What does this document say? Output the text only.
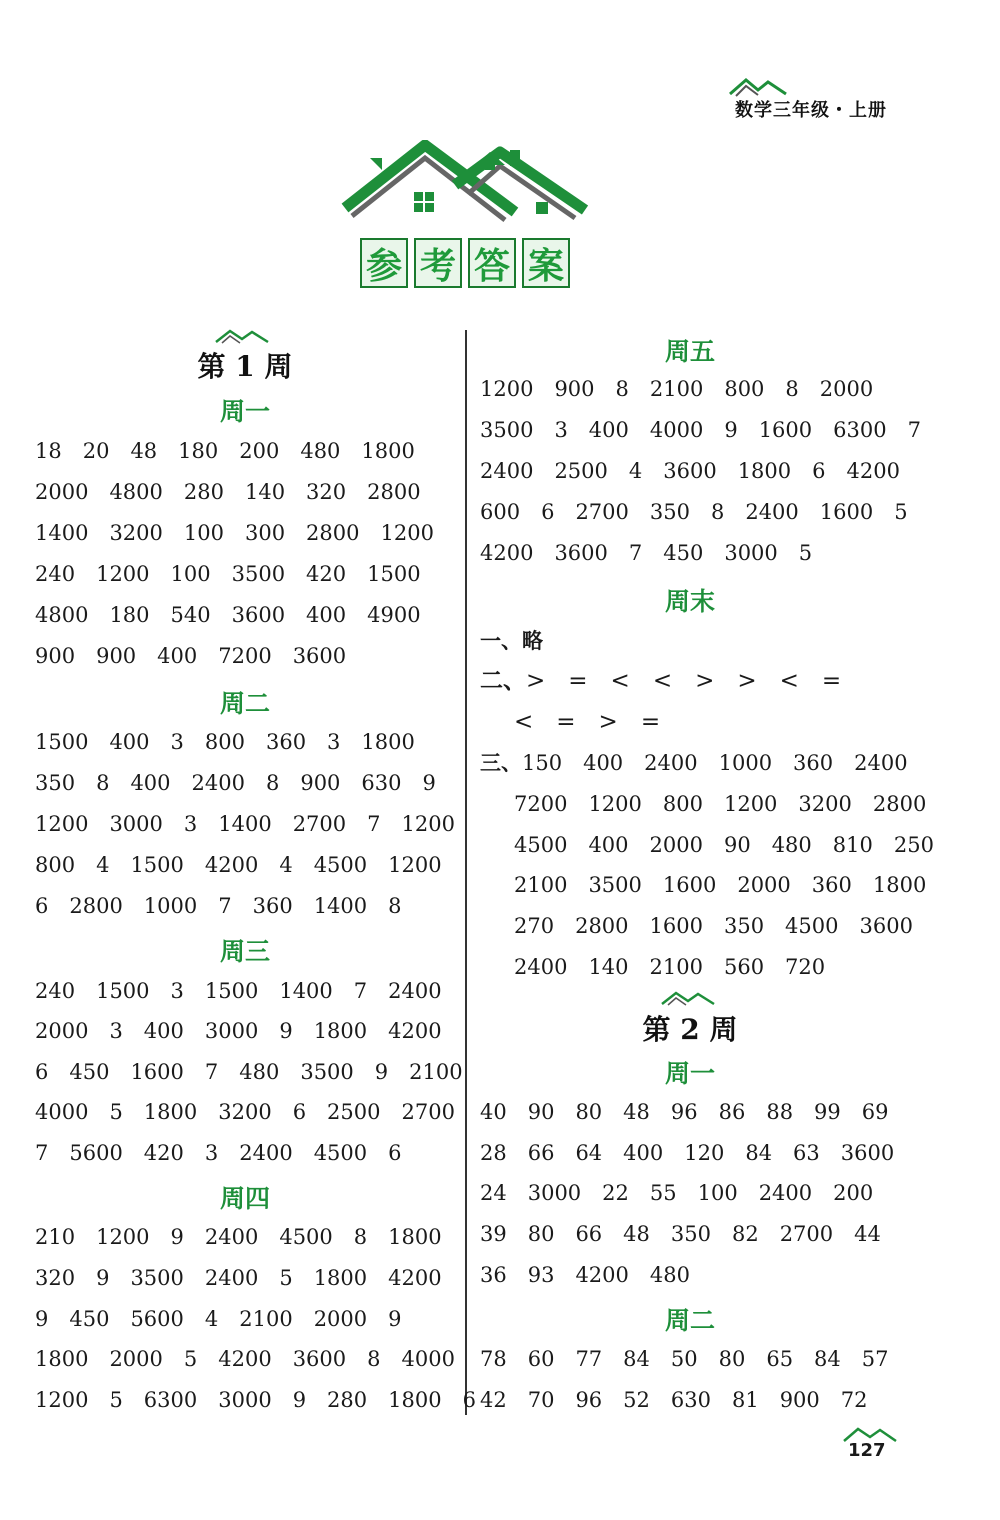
数学三年级・上册
参 考 答 案
第 1 周
周一
18　20　48　180　200　480　1800
2000　4800　280　140　320　2800
1400　3200　100　300　2800　1200
240　1200　100　3500　420　1500
4800　180　540　3600　400　4900
900　900　400　7200　3600
周二
1500　400　3　800　360　3　1800
350　8　400　2400　8　900　630　9
1200　3000　3　1400　2700　7　1200
800　4　1500　4200　4　4500　1200
6　2800　1000　7　360　1400　8
周三
240　1500　3　1500　1400　7　2400
2000　3　400　3000　9　1800　4200
6　450　1600　7　480　3500　9　2100
4000　5　1800　3200　6　2500　2700
7　5600　420　3　2400　4500　6
周四
210　1200　9　2400　4500　8　1800
320　9　3500　2400　5　1800　4200
9　450　5600　4　2100　2000　9
1800　2000　5　4200　3600　8　4000
1200　5　6300　3000　9　280　1800　6
周五
1200　900　8　2100　800　8　2000
3500　3　400　4000　9　1600　6300　7
2400　2500　4　3600　1800　6　4200
600　6　2700　350　8　2400　1600　5
4200　3600　7　450　3000　5
周末
一、略
二、>　=　<　<　>　>　<　=
<　=　>　=
三、150　400　2400　1000　360　2400
7200　1200　800　1200　3200　2800
4500　400　2000　90　480　810　250
2100　3500　1600　2000　360　1800
270　2800　1600　350　4500　3600
2400　140　2100　560　720
第 2 周
周一
40　90　80　48　96　86　88　99　69
28　66　64　400　120　84　63　3600
24　3000　22　55　100　2400　200
39　80　66　48　350　82　2700　44
36　93　4200　480
周二
78　60　77　84　50　80　65　84　57
42　70　96　52　630　81　900　72
127
